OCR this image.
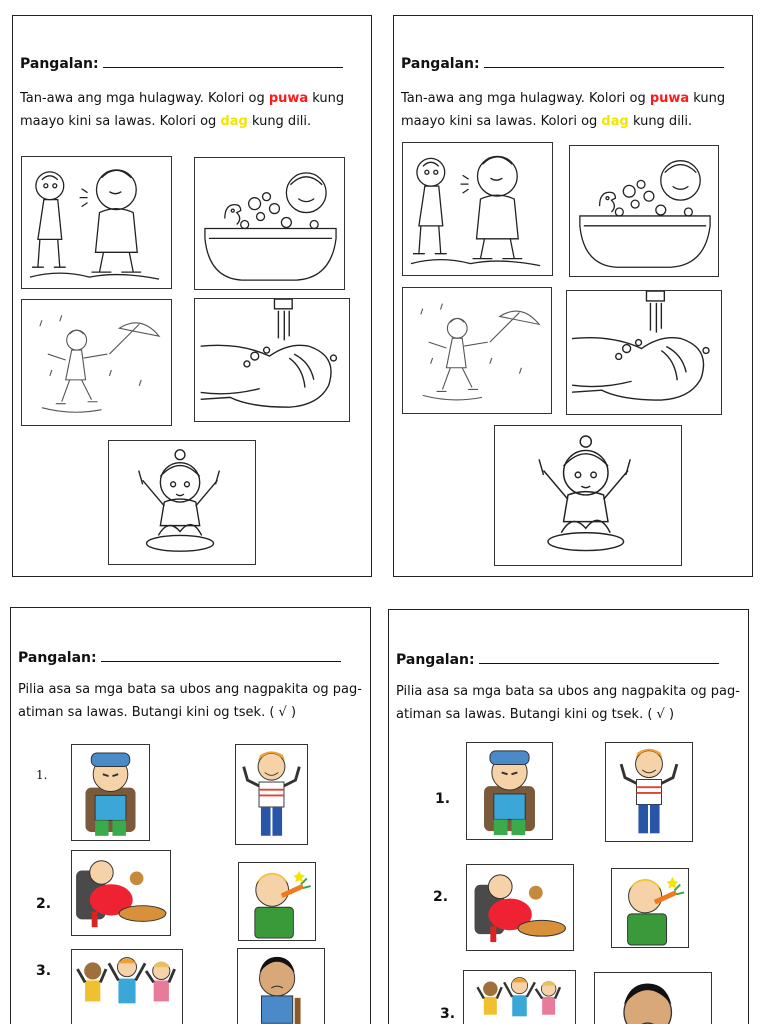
Pangalan:
Tan-awa ang mga hulagway. Kolori og puwa kung maayo kini sa lawas. Kolori og dag kung dili.
Pangalan:
Tan-awa ang mga hulagway. Kolori og puwa kung maayo kini sa lawas. Kolori og dag kung dili.
Pangalan:
Pilia asa sa mga bata sa ubos ang nagpakita og pag-atiman sa lawas. Butangi kini og tsek. ( √ )
1.
2.
3.
Pangalan:
Pilia asa sa mga bata sa ubos ang nagpakita og pag-atiman sa lawas. Butangi kini og tsek. ( √ )
1.
2.
3.
